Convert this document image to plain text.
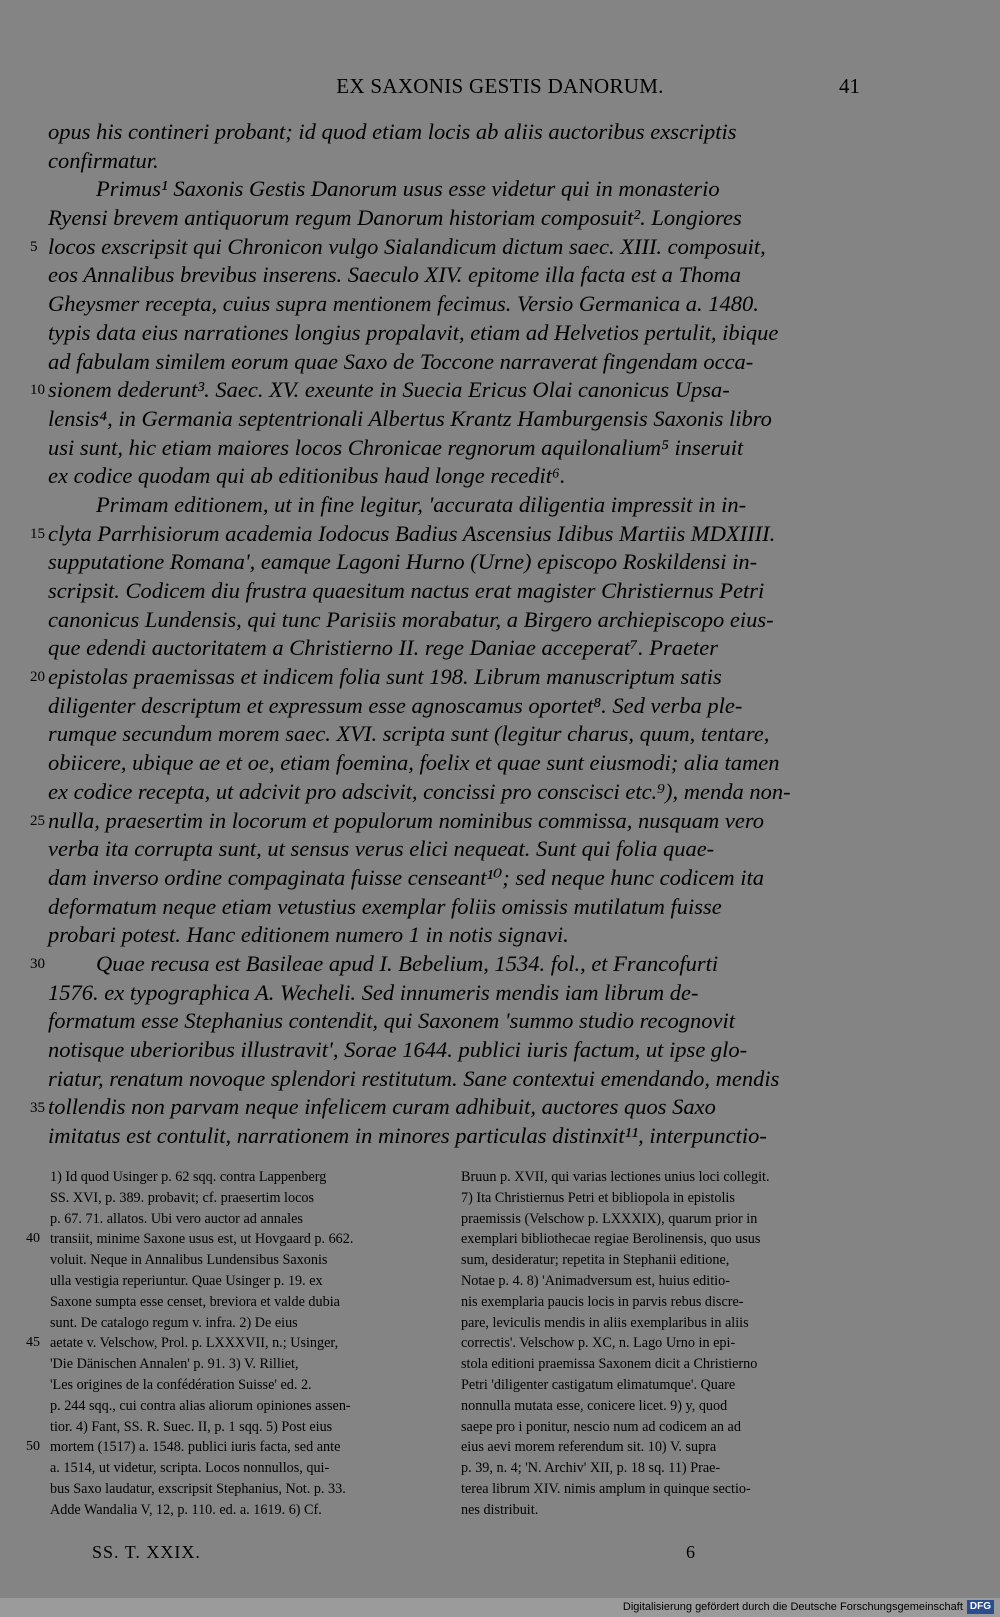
EX SAXONIS GESTIS DANORUM.	41
opus his contineri probant; id quod etiam locis ab aliis auctoribus exscriptis
confirmatur.
Primus¹ Saxonis Gestis Danorum usus esse videtur qui in monasterio
Ryensi brevem antiquorum regum Danorum historiam composuit². Longiores
locos exscripsit qui Chronicon vulgo Sialandicum dictum saec. XIII. composuit,
eos Annalibus brevibus inserens. Saeculo XIV. epitome illa facta est a Thoma
Gheysmer recepta, cuius supra mentionem fecimus. Versio Germanica a. 1480.
typis data eius narrationes longius propalavit, etiam ad Helvetios pertulit, ibique
ad fabulam similem eorum quae Saxo de Toccone narraverat fingendam occa-
sionem dederunt³. Saec. XV. exeunte in Suecia Ericus Olai canonicus Upsa-
lensis⁴, in Germania septentrionali Albertus Krantz Hamburgensis Saxonis libro
usi sunt, hic etiam maiores locos Chronicae regnorum aquilonalium⁵ inseruit
ex codice quodam qui ab editionibus haud longe recedit⁶.
Primam editionem, ut in fine legitur, 'accurata diligentia impressit in in-
clyta Parrhisiorum academia Iodocus Badius Ascensius Idibus Martiis MDXIIII.
supputatione Romana', eamque Lagoni Hurno (Urne) episcopo Roskildensi in-
scripsit. Codicem diu frustra quaesitum nactus erat magister Christiernus Petri
canonicus Lundensis, qui tunc Parisiis morabatur, a Birgero archiepiscopo eius-
que edendi auctoritatem a Christierno II. rege Daniae acceperat⁷. Praeter
epistolas praemissas et indicem folia sunt 198. Librum manuscriptum satis
diligenter descriptum et expressum esse agnoscamus oportet⁸. Sed verba ple-
rumque secundum morem saec. XVI. scripta sunt (legitur charus, quum, tentare,
obiicere, ubique ae et oe, etiam foemina, foelix et quae sunt eiusmodi; alia tamen
ex codice recepta, ut adcivit pro adscivit, concissi pro conscisci etc.⁹), menda non-
nulla, praesertim in locorum et populorum nominibus commissa, nusquam vero
verba ita corrupta sunt, ut sensus verus elici nequeat. Sunt qui folia quae-
dam inverso ordine compaginata fuisse censeant¹⁰; sed neque hunc codicem ita
deformatum neque etiam vetustius exemplar foliis omissis mutilatum fuisse
probari potest. Hanc editionem numero 1 in notis signavi.
Quae recusa est Basileae apud I. Bebelium, 1534. fol., et Francofurti
1576. ex typographica A. Wecheli. Sed innumeris mendis iam librum de-
formatum esse Stephanius contendit, qui Saxonem 'summo studio recognovit
notisque uberioribus illustravit', Sorae 1644. publici iuris factum, ut ipse glo-
riatur, renatum novoque splendori restitutum. Sane contextui emendando, mendis
tollendis non parvam neque infelicem curam adhibuit, auctores quos Saxo
imitatus est contulit, narrationem in minores particulas distinxit¹¹, interpunctio-
5
10
15
20
25
30
35
1) Id quod Usinger p. 62 sqq. contra Lappenberg
SS. XVI, p. 389. probavit; cf. praesertim locos
p. 67. 71. allatos. Ubi vero auctor ad annales
transiit, minime Saxone usus est, ut Hovgaard p. 662.
voluit. Neque in Annalibus Lundensibus Saxonis
ulla vestigia reperiuntur. Quae Usinger p. 19. ex
Saxone sumpta esse censet, breviora et valde dubia
sunt. De catalogo regum v. infra. 2) De eius
aetate v. Velschow, Prol. p. LXXXVII, n.; Usinger,
'Die Dänischen Annalen' p. 91. 3) V. Rilliet,
'Les origines de la confédération Suisse' ed. 2.
p. 244 sqq., cui contra alias aliorum opiniones assen-
tior. 4) Fant, SS. R. Suec. II, p. 1 sqq. 5) Post eius
mortem (1517) a. 1548. publici iuris facta, sed ante
a. 1514, ut videtur, scripta. Locos nonnullos, qui-
bus Saxo laudatur, exscripsit Stephanius, Not. p. 33.
Adde Wandalia V, 12, p. 110. ed. a. 1619. 6) Cf.
Bruun p. XVII, qui varias lectiones unius loci collegit.
7) Ita Christiernus Petri et bibliopola in epistolis
praemissis (Velschow p. LXXXIX), quarum prior in
exemplari bibliothecae regiae Berolinensis, quo usus
sum, desideratur; repetita in Stephanii editione,
Notae p. 4. 8) 'Animadversum est, huius editio-
nis exemplaria paucis locis in parvis rebus discre-
pare, leviculis mendis in aliis exemplaribus in aliis
correctis'. Velschow p. XC, n. Lago Urno in epi-
stola editioni praemissa Saxonem dicit a Christierno
Petri 'diligenter castigatum elimatumque'. Quare
nonnulla mutata esse, conicere licet. 9) y, quod
saepe pro i ponitur, nescio num ad codicem an ad
eius aevi morem referendum sit. 10) V. supra
p. 39, n. 4; 'N. Archiv' XII, p. 18 sq. 11) Prae-
terea librum XIV. nimis amplum in quinque sectio-
nes distribuit.
40
45
50
SS. T. XXIX.	6
Digitalisierung gefördert durch die Deutsche Forschungsgemeinschaft DFG
